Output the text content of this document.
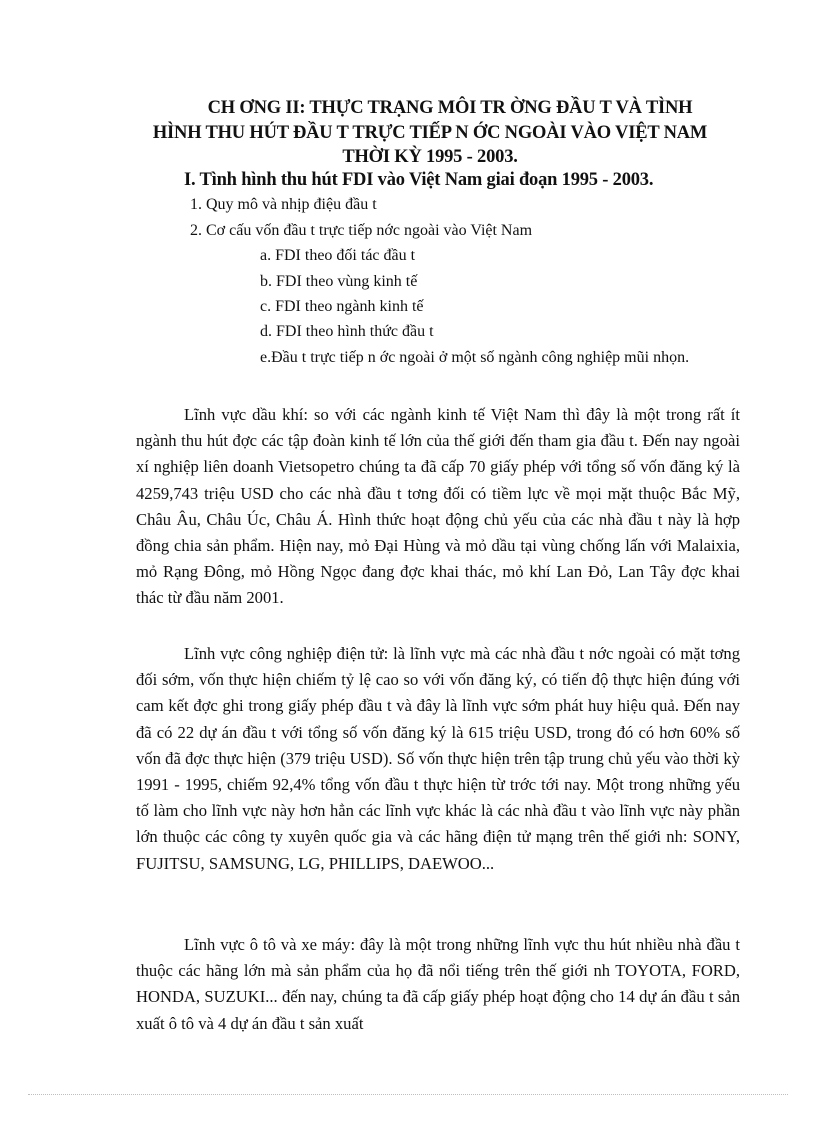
CH ƠNG II: THỰC TRẠNG MÔI TR ỜNG ĐẦU T VÀ TÌNH
HÌNH THU HÚT ĐẦU T TRỰC TIẾP N ỚC NGOÀI VÀO VIỆT NAM
THỜI KỲ 1995 - 2003.
I. Tình hình thu hút FDI vào Việt Nam giai đoạn 1995 - 2003.
1. Quy mô và nhịp điệu đầu t
2. Cơ cấu vốn đầu t trực tiếp nớc ngoài vào Việt Nam
a. FDI theo đối tác đầu t
b. FDI theo vùng kinh tế
c. FDI theo ngành kinh tế
d. FDI theo hình thức đầu t
e.Đầu t trực tiếp n ớc ngoài ở một số ngành công nghiệp mũi nhọn.

Lĩnh vực dầu khí: so với các ngành kinh tế Việt Nam thì đây là một trong rất ít ngành thu hút đợc các tập đoàn kinh tế lớn của thế giới đến tham gia đầu t. Đến nay ngoài xí nghiệp liên doanh Vietsopetro chúng ta đã cấp 70 giấy phép với tổng số vốn đăng ký là 4259,743 triệu USD cho các nhà đầu t tơng đối có tiềm lực về mọi mặt thuộc Bắc Mỹ, Châu Âu, Châu Úc, Châu Á. Hình thức hoạt động chủ yếu của các nhà đầu t này là hợp đồng chia sản phẩm. Hiện nay, mỏ Đại Hùng và mỏ dầu tại vùng chống lấn với Malaixia, mỏ Rạng Đông, mỏ Hồng Ngọc đang đợc khai thác, mỏ khí Lan Đỏ, Lan Tây đợc khai thác từ đầu năm 2001.

Lĩnh vực công nghiệp điện tử: là lĩnh vực mà các nhà đầu t nớc ngoài có mặt tơng đối sớm, vốn thực hiện chiếm tỷ lệ cao so với vốn đăng ký, có tiến độ thực hiện đúng với cam kết đợc ghi trong giấy phép đầu t và đây là lĩnh vực sớm phát huy hiệu quả. Đến nay đã có 22 dự án đầu t với tổng số vốn đăng ký là 615 triệu USD, trong đó có hơn 60% số vốn đã đợc thực hiện (379 triệu USD). Số vốn thực hiện trên tập trung chủ yếu vào thời kỳ 1991 - 1995, chiếm 92,4% tổng vốn đầu t thực hiện từ trớc tới nay. Một trong những yếu tố làm cho lĩnh vực này hơn hẳn các lĩnh vực khác là các nhà đầu t vào lĩnh vực này phần lớn thuộc các công ty xuyên quốc gia và các hãng điện tử mạng trên thế giới nh: SONY, FUJITSU, SAMSUNG, LG, PHILLIPS, DAEWOO...

Lĩnh vực ô tô và xe máy: đây là một trong những lĩnh vực thu hút nhiều nhà đầu t thuộc các hãng lớn mà sản phẩm của họ đã nổi tiếng trên thế giới nh TOYOTA, FORD, HONDA, SUZUKI... đến nay, chúng ta đã cấp giấy phép hoạt động cho 14 dự án đầu t sản xuất ô tô và 4 dự án đầu t sản xuất
